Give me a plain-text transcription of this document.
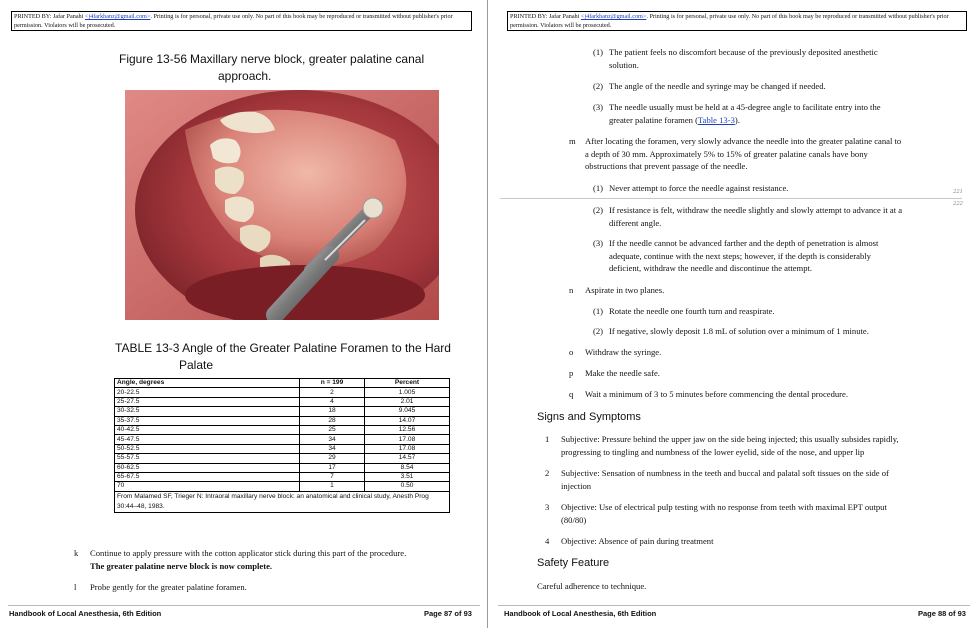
PRINTED BY: Jafar Panahi <j4farkhanz@gmail.com>. Printing is for personal, private use only. No part of this book may be reproduced or transmitted without publisher's prior permission. Violators will be prosecuted.
Figure 13-56 Maxillary nerve block, greater palatine canal
approach.
TABLE 13-3 Angle of the Greater Palatine Foramen to the Hard
Palate
Angle, degrees	n = 199	Percent
20-22.5	2	1.005
25-27.5	4	2.01
30-32.5	18	9.045
35-37.5	28	14.07
40-42.5	25	12.56
45-47.5	34	17.08
50-52.5	34	17.08
55-57.5	29	14.57
60-62.5	17	8.54
65-67.5	7	3.51
70	1	0.50
From Malamed SF, Trieger N: Intraoral maxillary nerve block: an anatomical and clinical study, Anesth Prog 30:44–48, 1983.		
k Continue to apply pressure with the cotton applicator stick during this part of the procedure.
The greater palatine nerve block is now complete.
l Probe gently for the greater palatine foramen.
Handbook of Local Anesthesia, 6th Edition	Page 87 of 93
PRINTED BY: Jafar Panahi <j4farkhanz@gmail.com>. Printing is for personal, private use only. No part of this book may be reproduced or transmitted without publisher's prior permission. Violators will be prosecuted.
(1) The patient feels no discomfort because of the previously deposited anesthetic
solution.
(2) The angle of the needle and syringe may be changed if needed.
(3) The needle usually must be held at a 45-degree angle to facilitate entry into the
greater palatine foramen (Table 13-3).
m After locating the foramen, very slowly advance the needle into the greater palatine canal to
a depth of 30 mm. Approximately 5% to 15% of greater palatine canals have bony
obstructions that prevent passage of the needle.
(1) Never attempt to force the needle against resistance.	221
222
(2) If resistance is felt, withdraw the needle slightly and slowly attempt to advance it at a
different angle.
(3) If the needle cannot be advanced farther and the depth of penetration is almost
adequate, continue with the next steps; however, if the depth is considerably
deficient, withdraw the needle and discontinue the attempt.
n Aspirate in two planes.
(1) Rotate the needle one fourth turn and reaspirate.
(2) If negative, slowly deposit 1.8 mL of solution over a minimum of 1 minute.
o Withdraw the syringe.
p Make the needle safe.
q Wait a minimum of 3 to 5 minutes before commencing the dental procedure.
Signs and Symptoms
1 Subjective: Pressure behind the upper jaw on the side being injected; this usually subsides rapidly,
progressing to tingling and numbness of the lower eyelid, side of the nose, and upper lip
2 Subjective: Sensation of numbness in the teeth and buccal and palatal soft tissues on the side of
injection
3 Objective: Use of electrical pulp testing with no response from teeth with maximal EPT output
(80/80)
4 Objective: Absence of pain during treatment
Safety Feature
Careful adherence to technique.
Handbook of Local Anesthesia, 6th Edition	Page 88 of 93
